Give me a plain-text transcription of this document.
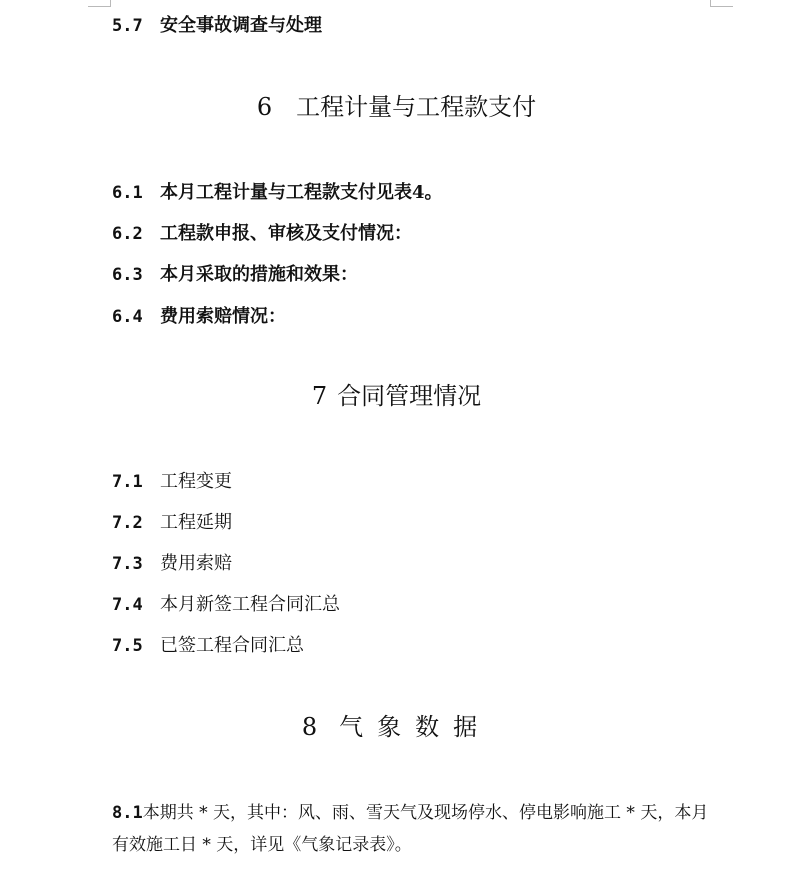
5.7 安全事故调查与处理
6 工程计量与工程款支付
6.1 本月工程计量与工程款支付见表4。
6.2 工程款申报、审核及支付情况：
6.3 本月采取的措施和效果：
6.4 费用索赔情况：
7 合同管理情况
7.1 工程变更
7.2 工程延期
7.3 费用索赔
7.4 本月新签工程合同汇总
7.5 已签工程合同汇总
8 气象数据
8.1本期共 * 天，其中：风、雨、雪天气及现场停水、停电影响施工 * 天，本月有效施工日 * 天，详见《气象记录表》。
